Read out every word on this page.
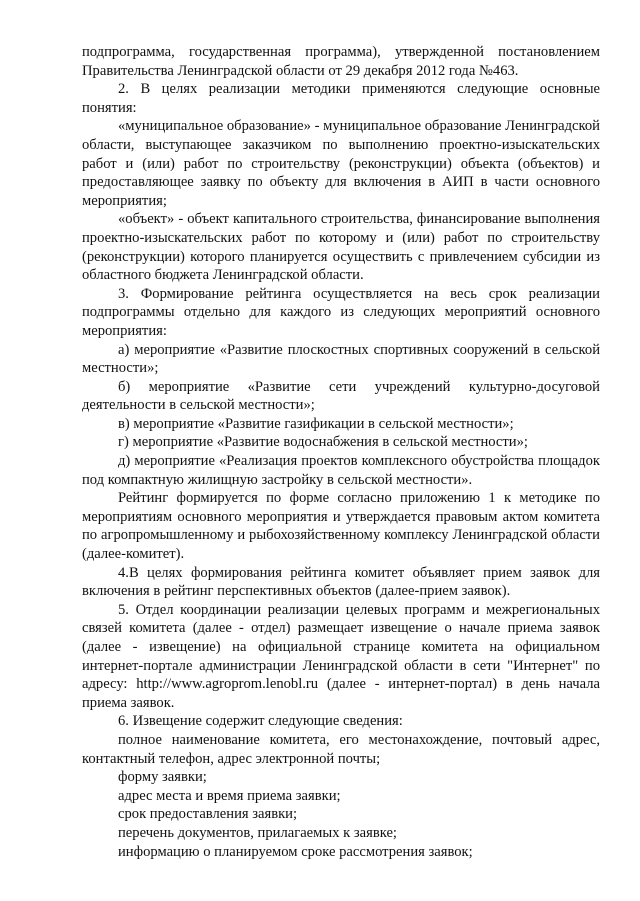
подпрограмма, государственная программа), утвержденной постановлением Правительства Ленинградской области от 29 декабря 2012 года №463.

2. В целях реализации методики применяются следующие основные понятия:

«муниципальное образование» - муниципальное образование Ленинградской области, выступающее заказчиком по выполнению проектно-изыскательских работ и (или) работ по строительству (реконструкции) объекта (объектов) и предоставляющее заявку по объекту для включения в АИП в части основного мероприятия;

«объект» - объект капитального строительства, финансирование выполнения проектно-изыскательских работ по которому и (или) работ по строительству (реконструкции) которого планируется осуществить с привлечением субсидии из областного бюджета Ленинградской области.

3. Формирование рейтинга осуществляется на весь срок реализации подпрограммы отдельно для каждого из следующих мероприятий основного мероприятия:

а) мероприятие «Развитие плоскостных спортивных сооружений в сельской местности»;

б) мероприятие «Развитие сети учреждений культурно-досуговой деятельности в сельской местности»;

в) мероприятие «Развитие газификации в сельской местности»;

г) мероприятие «Развитие водоснабжения в сельской местности»;

д) мероприятие «Реализация проектов комплексного обустройства площадок под компактную жилищную застройку в сельской местности».

Рейтинг формируется по форме согласно приложению 1 к методике по мероприятиям основного мероприятия и утверждается правовым актом комитета по агропромышленному и рыбохозяйственному комплексу Ленинградской области (далее-комитет).

4.В целях формирования рейтинга комитет объявляет прием заявок для включения в рейтинг перспективных объектов (далее-прием заявок).

5. Отдел координации реализации целевых программ и межрегиональных связей комитета (далее - отдел) размещает извещение о начале приема заявок (далее - извещение) на официальной странице комитета на официальном интернет-портале администрации Ленинградской области в сети "Интернет" по адресу: http://www.agroprom.lenobl.ru (далее - интернет-портал) в день начала приема заявок.

6. Извещение содержит следующие сведения:

полное наименование комитета, его местонахождение, почтовый адрес, контактный телефон, адрес электронной почты;

форму заявки;

адрес места и время приема заявки;

срок предоставления заявки;

перечень документов, прилагаемых к заявке;

информацию о планируемом сроке рассмотрения заявок;
